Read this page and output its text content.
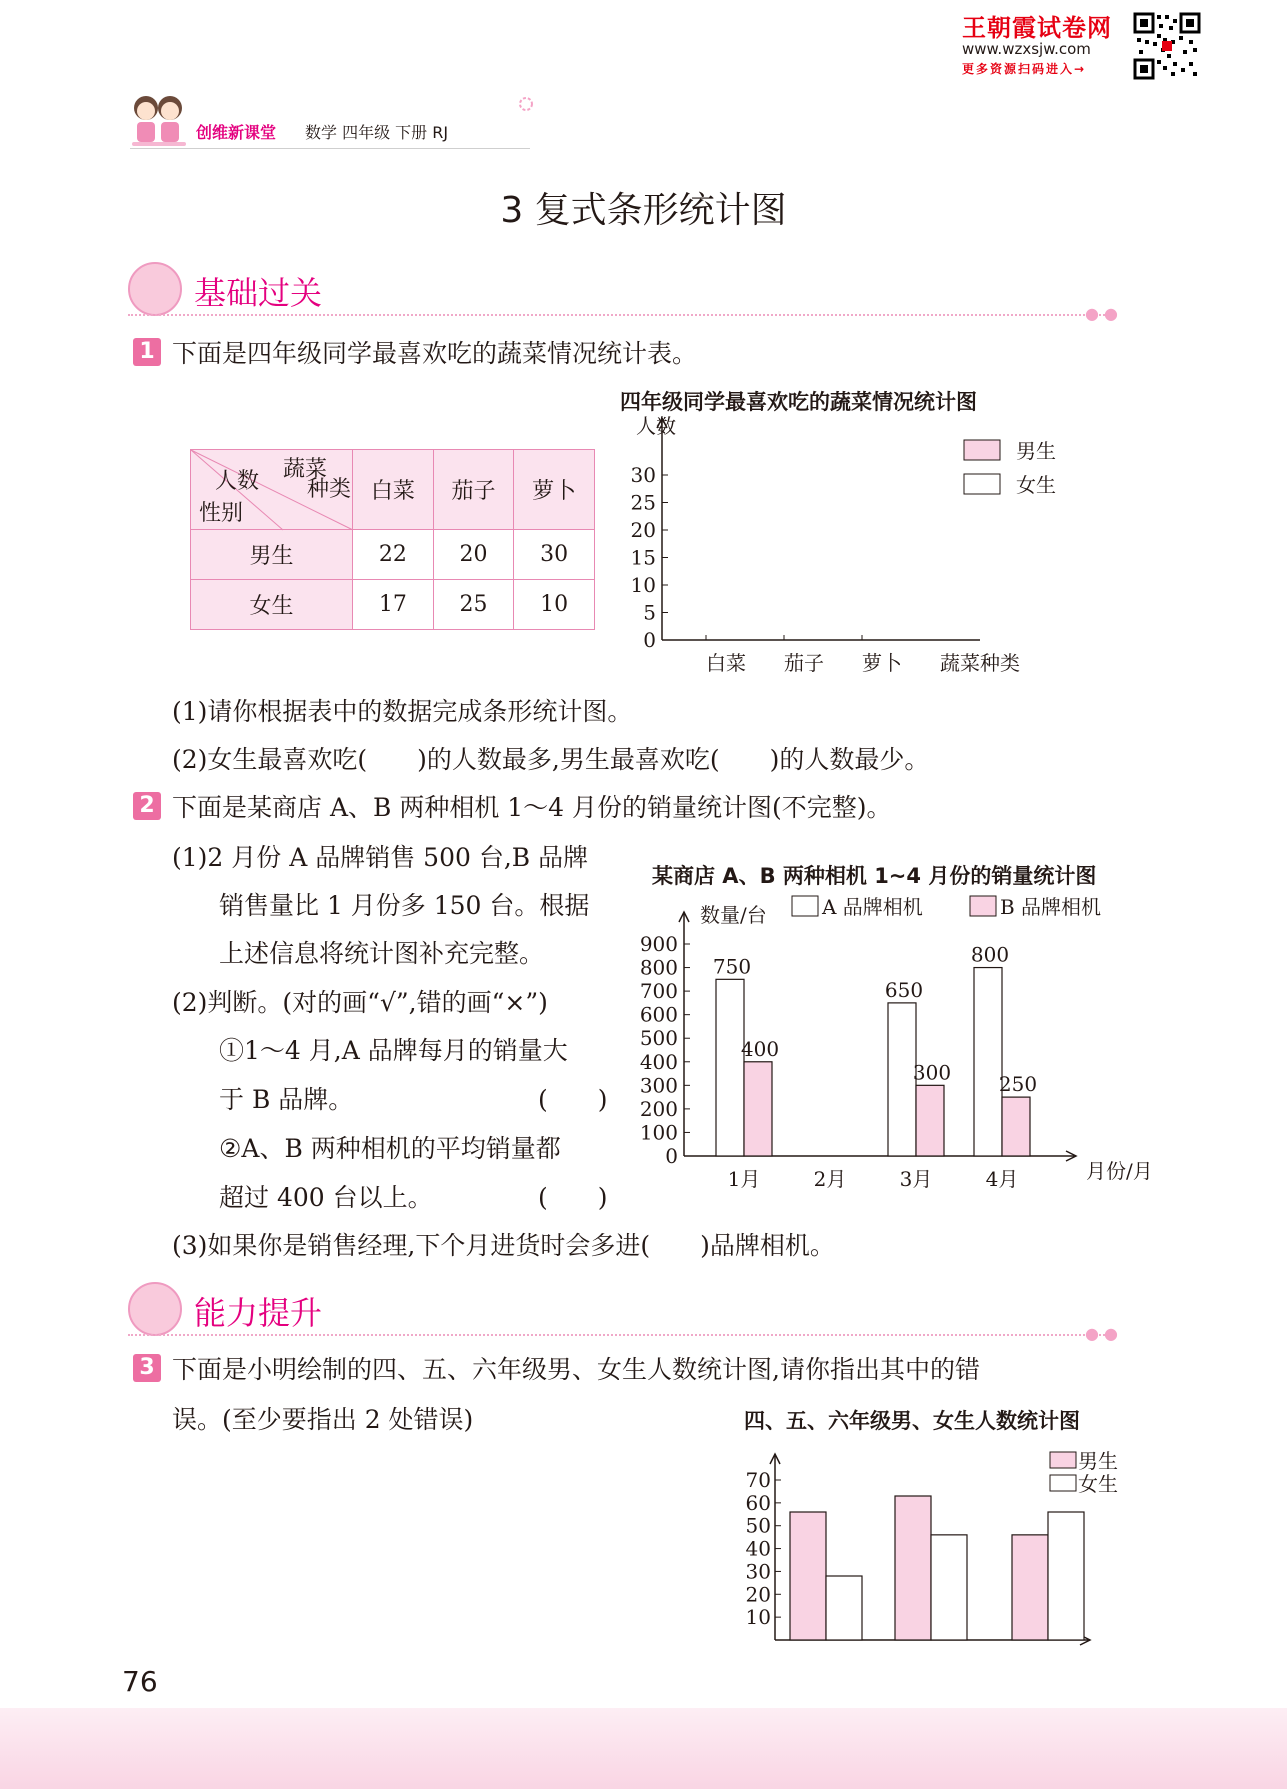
王朝霞试卷网
www.wzxsjw.com
更多资源扫码进入→
创维新课堂 数学 四年级 下册 RJ
3 复式条形统计图
基础过关
● ●
1 下面是四年级同学最喜欢吃的蔬菜情况统计表。
蔬菜
种类
人数
性别	白菜	茄子	萝卜
男生	22	20	30
女生	17	25	10
四年级同学最喜欢吃的蔬菜情况统计图
人数
0
5
10
15
20
25
30
白菜 茄子 萝卜 蔬菜种类
男生
女生
(1)请你根据表中的数据完成条形统计图。
(2)女生最喜欢吃(　　)的人数最多,男生最喜欢吃(　　)的人数最少。
2 下面是某商店 A、B 两种相机 1～4 月份的销量统计图(不完整)。
(1)2 月份 A 品牌销售 500 台,B 品牌
销售量比 1 月份多 150 台。根据
上述信息将统计图补充完整。
(2)判断。(对的画“√”,错的画“×”)
①1～4 月,A 品牌每月的销量大
于 B 品牌。	(　　)
②A、B 两种相机的平均销量都
超过 400 台以上。	(　　)
某商店 A、B 两种相机 1~4 月份的销量统计图
数量/台
0
100
200
300
400
500
600
700
800
900
1月
750
400
2月	3月
650
300
4月
800
250
月份/月
A 品牌相机	B 品牌相机
(3)如果你是销售经理,下个月进货时会多进(　　)品牌相机。
能力提升
● ●
3 下面是小明绘制的四、五、六年级男、女生人数统计图,请你指出其中的错
误。(至少要指出 2 处错误)	四、五、六年级男、女生人数统计图
10
20
30
40
50
60
70
男生
女生
76
